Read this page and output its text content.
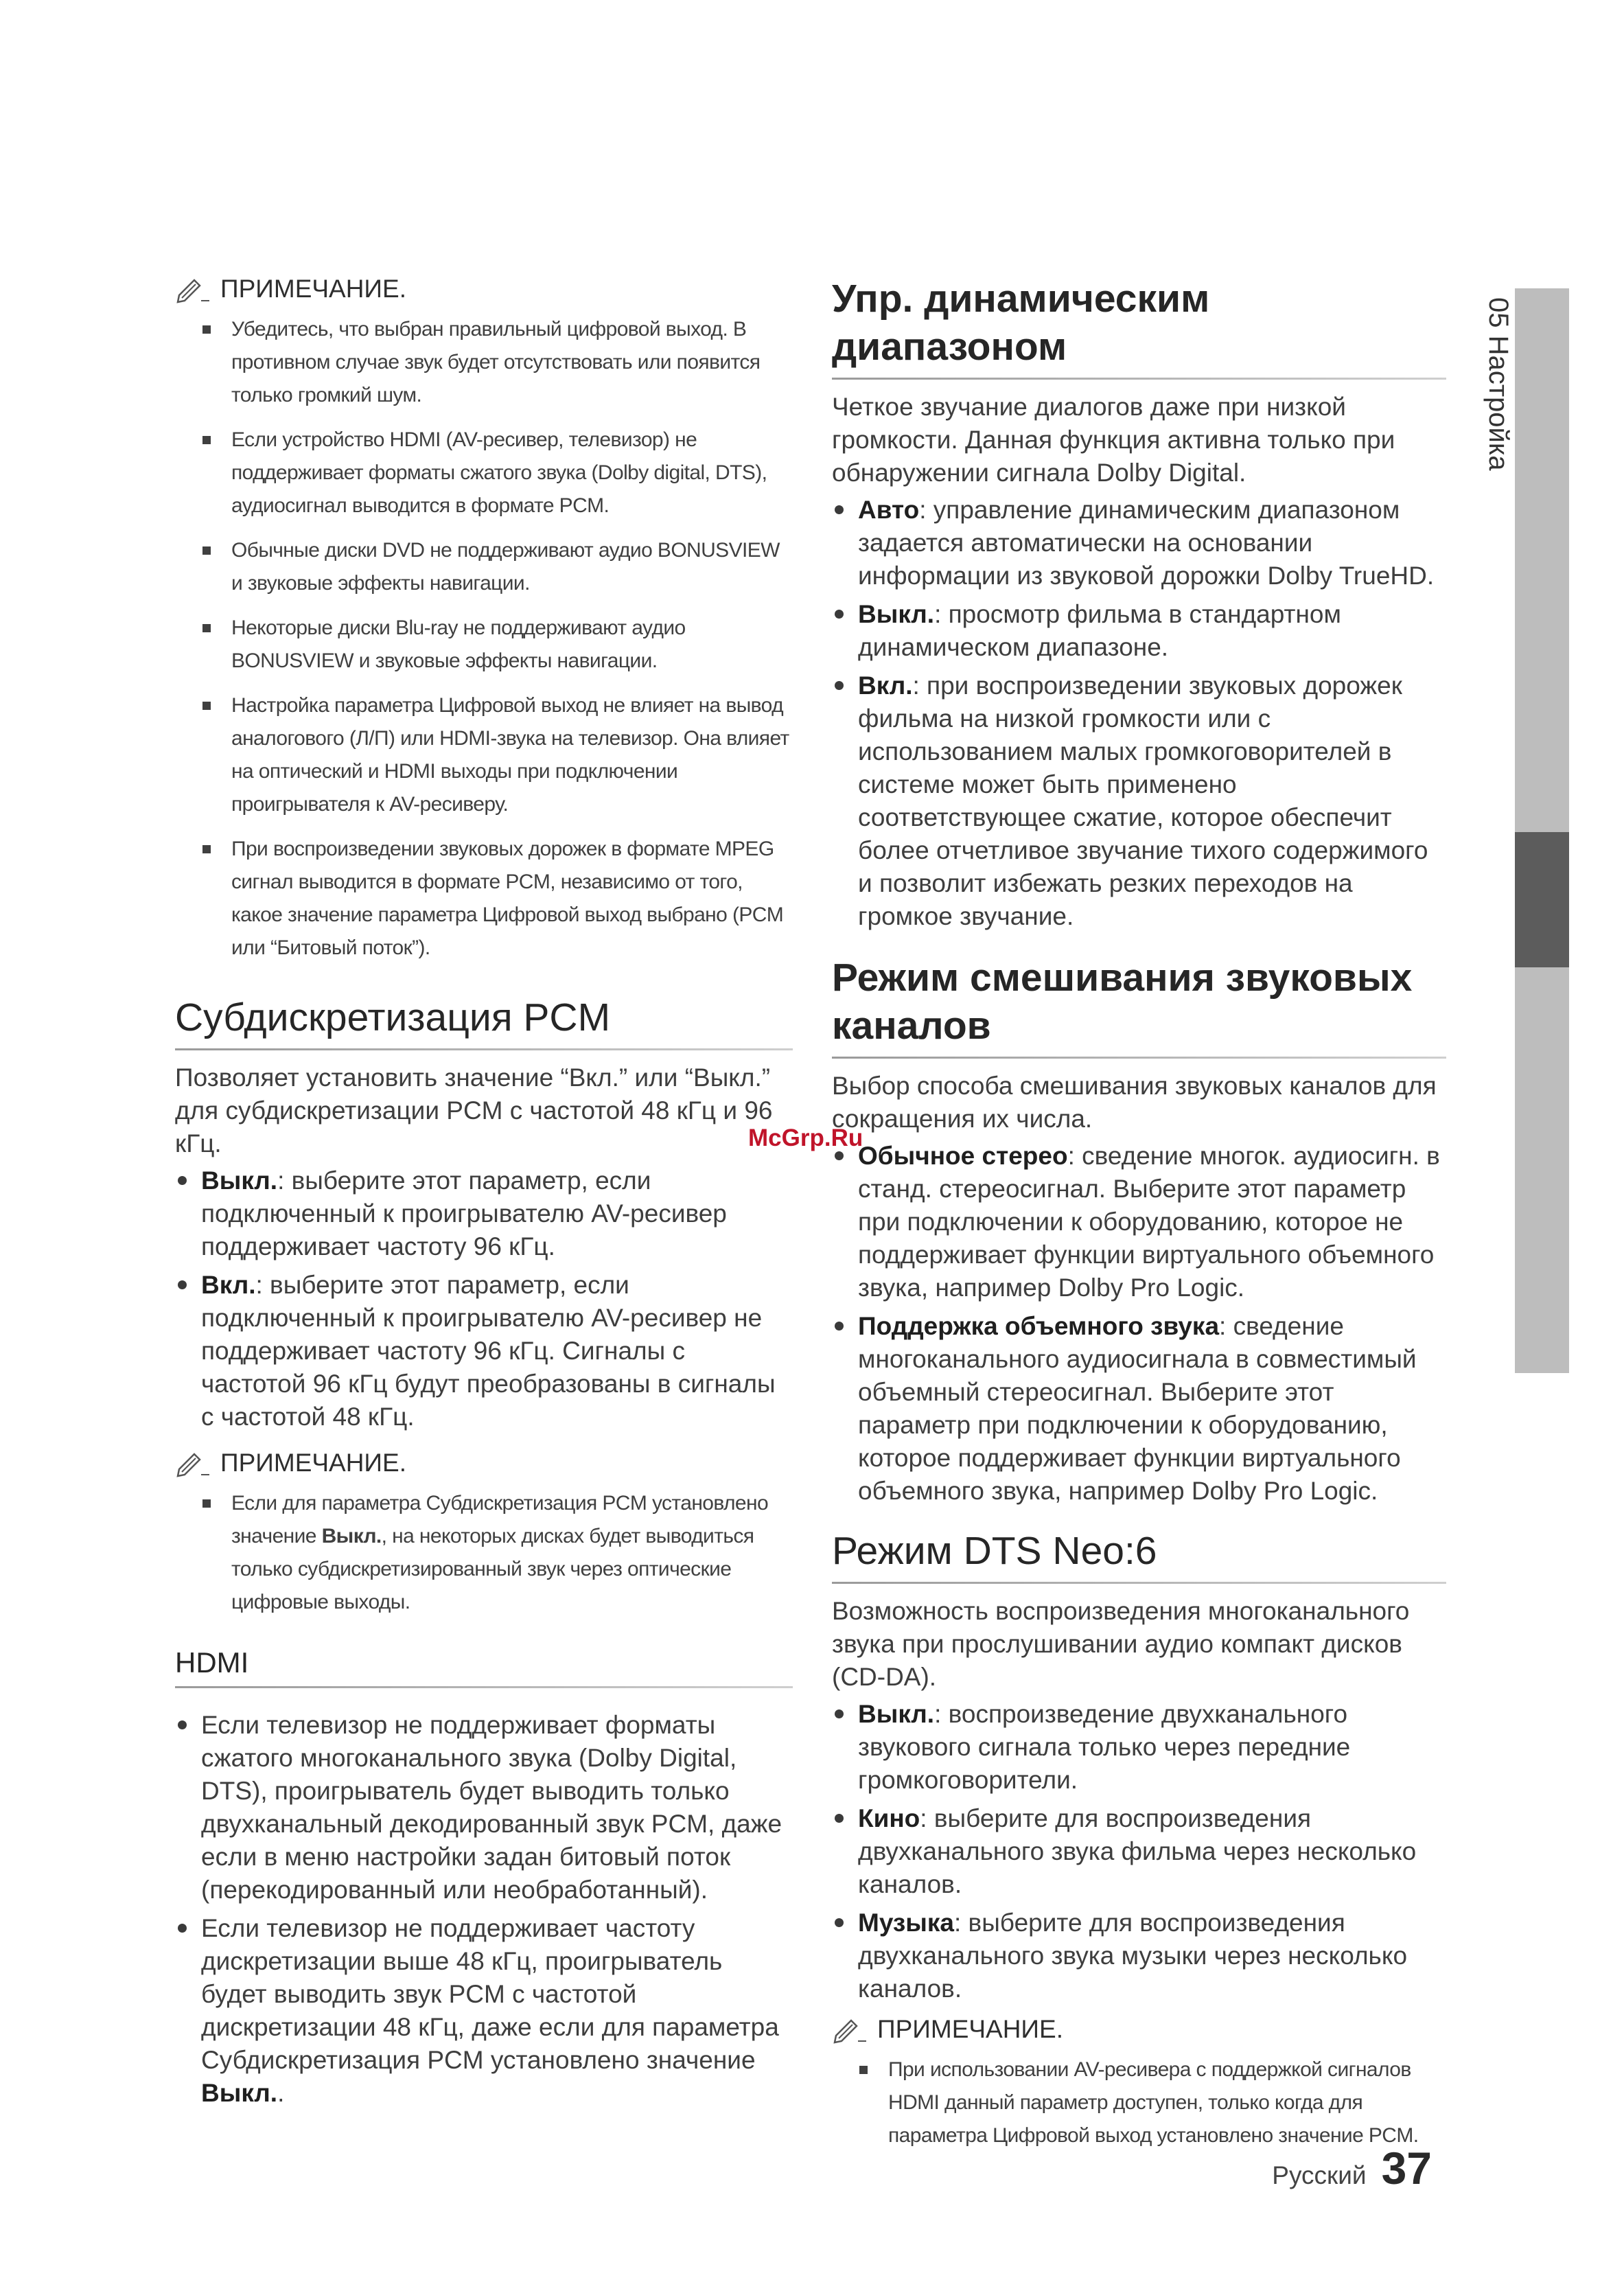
05 Настройка
ПРИМЕЧАНИЕ.
Убедитесь, что выбран правильный цифровой выход. В противном случае звук будет отсутствовать или появится только громкий шум.
Если устройство HDMI (AV-ресивер, телевизор) не поддерживает форматы сжатого звука (Dolby digital, DTS), аудиосигнал выводится в формате PCM.
Обычные диски DVD не поддерживают аудио BONUSVIEW и звуковые эффекты навигации.
Некоторые диски Blu-ray не поддерживают аудио BONUSVIEW и звуковые эффекты навигации.
Настройка параметра Цифровой выход не влияет на вывод аналогового (Л/П) или HDMI-звука на телевизор. Она влияет на оптический и HDMI выходы при подключении проигрывателя к AV-ресиверу.
При воспроизведении звуковых дорожек в формате MPEG сигнал выводится в формате PCM, независимо от того, какое значение параметра Цифровой выход выбрано (PCM или “Битовый поток”).
Субдискретизация PCM

Позволяет установить значение “Вкл.” или “Выкл.” для субдискретизации PCM с частотой 48 кГц и 96 кГц.

Выкл.: выберите этот параметр, если подключенный к проигрывателю AV-ресивер поддерживает частоту 96 кГц.
Вкл.: выберите этот параметр, если подключенный к проигрывателю AV-ресивер не поддерживает частоту 96 кГц. Сигналы с частотой 96 кГц будут преобразованы в сигналы с частотой 48 кГц.
ПРИМЕЧАНИЕ.
Если для параметра Субдискретизация PCM установлено значение Выкл., на некоторых дисках будет выводиться только субдискретизированный звук через оптические цифровые выходы.
HDMI
Если телевизор не поддерживает форматы сжатого многоканального звука (Dolby Digital, DTS), проигрыватель будет выводить только двухканальный декодированный звук PCM, даже если в меню настройки задан битовый поток (перекодированный или необработанный).
Если телевизор не поддерживает частоту дискретизации выше 48 кГц, проигрыватель будет выводить звук PCM с частотой дискретизации 48 кГц, даже если для параметра Субдискретизация PCM установлено значение Выкл..
Упр. динамическим диапазоном

Четкое звучание диалогов даже при низкой громкости. Данная функция активна только при обнаружении сигнала Dolby Digital.

Авто: управление динамическим диапазоном задается автоматически на основании информации из звуковой дорожки Dolby TrueHD.
Выкл.: просмотр фильма в стандартном динамическом диапазоне.
Вкл.: при воспроизведении звуковых дорожек фильма на низкой громкости или с использованием малых громкоговорителей в системе может быть применено соответствующее сжатие, которое обеспечит более отчетливое звучание тихого содержимого и позволит избежать резких переходов на громкое звучание.
Режим смешивания звуковых каналов

Выбор способа смешивания звуковых каналов для сокращения их числа.

Обычное стерео: сведение многок. аудиосигн. в станд. стереосигнал. Выберите этот параметр при подключении к оборудованию, которое не поддерживает функции виртуального объемного звука, например Dolby Pro Logic.
Поддержка объемного звука: сведение многоканального аудиосигнала в совместимый объемный стереосигнал. Выберите этот параметр при подключении к оборудованию, которое поддерживает функции виртуального объемного звука, например Dolby Pro Logic.
Режим DTS Neo:6

Возможность воспроизведения многоканального звука при прослушивании аудио компакт дисков (CD-DA).

Выкл.: воспроизведение двухканального звукового сигнала только через передние громкоговорители.
Кино: выберите для воспроизведения двухканального звука фильма через несколько каналов.
Музыка: выберите для воспроизведения двухканального звука музыки через несколько каналов.
ПРИМЕЧАНИЕ.
При использовании AV-ресивера с поддержкой сигналов HDMI данный параметр доступен, только когда для параметра Цифровой выход установлено значение PCM.
McGrp.Ru
Русский 37
